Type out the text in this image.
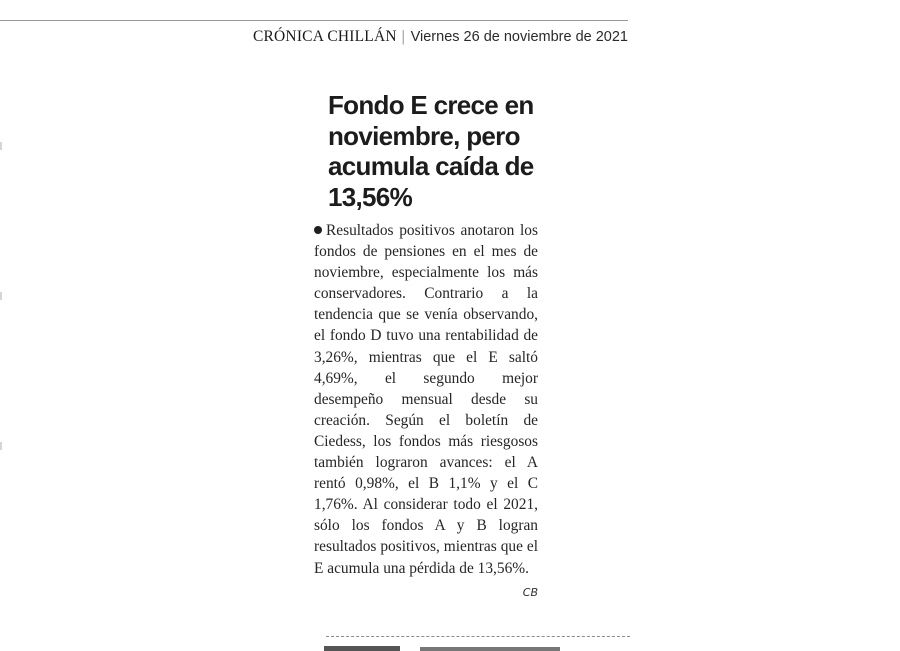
CRÓNICA CHILLÁN | Viernes 26 de noviembre de 2021
Fondo E crece en noviembre, pero acumula caída de 13,56%

Resultados positivos anotaron los fondos de pensiones en el mes de noviembre, especialmente los más conservadores. Contrario a la tendencia que se venía observando, el fondo D tuvo una rentabilidad de 3,26%, mientras que el E saltó 4,69%, el segundo mejor desempeño mensual desde su creación. Según el boletín de Ciedess, los fondos más riesgosos también lograron avances: el A rentó 0,98%, el B 1,1% y el C 1,76%. Al considerar todo el 2021, sólo los fondos A y B logran resultados positivos, mientras que el E acumula una pérdida de 13,56%.
CB
